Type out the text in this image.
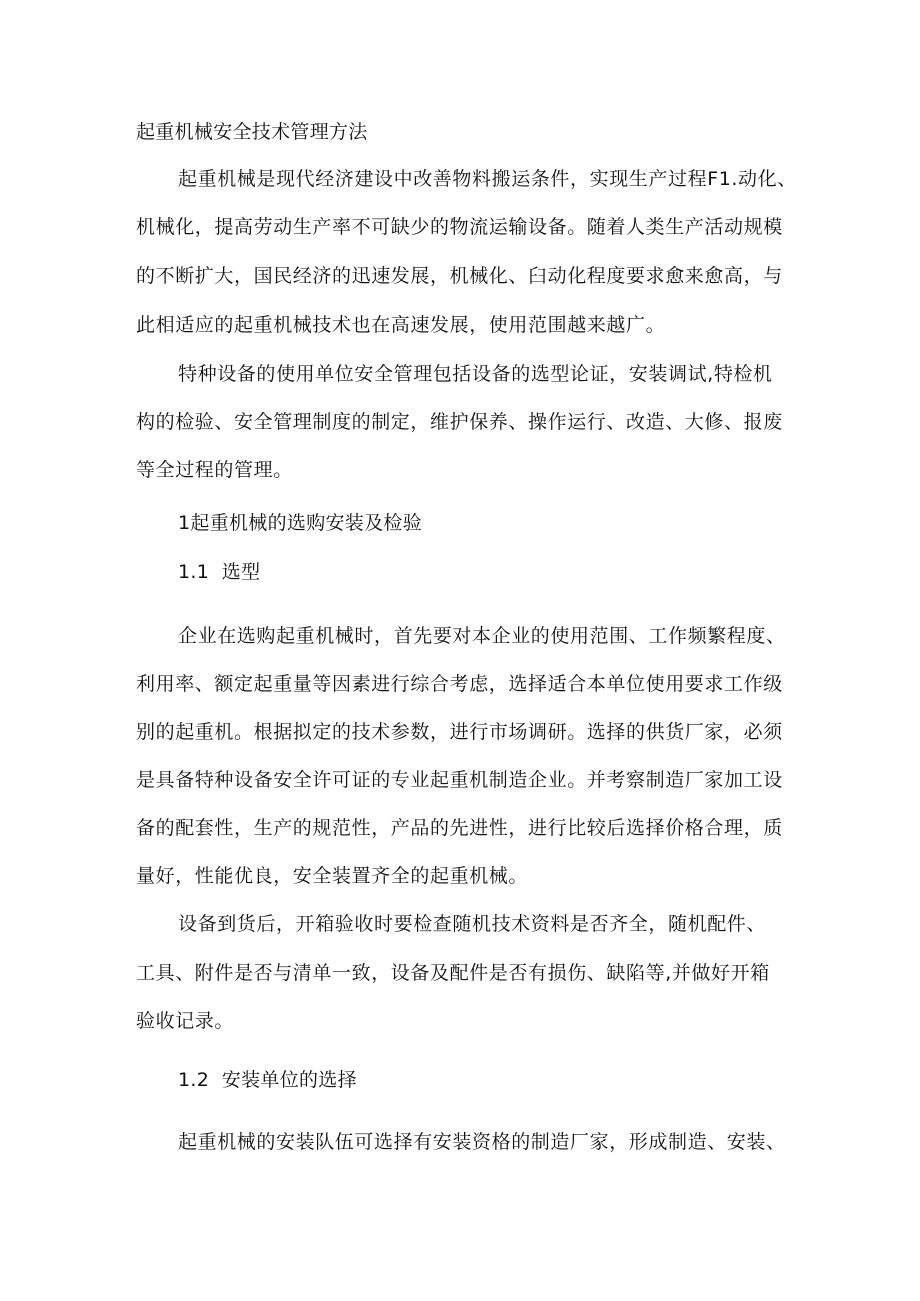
起重机械安全技术管理方法
起重机械是现代经济建设中改善物料搬运条件，实现生产过程F1.动化、
机械化，提高劳动生产率不可缺少的物流运输设备。随着人类生产活动规模
的不断扩大，国民经济的迅速发展，机械化、臼动化程度要求愈来愈高，与
此相适应的起重机械技术也在高速发展，使用范围越来越广。
特种设备的使用单位安全管理包括设备的选型论证，安装调试,特检机
构的检验、安全管理制度的制定，维护保养、操作运行、改造、大修、报废
等全过程的管理。
1起重机械的选购安装及检验
1.1  选型
企业在选购起重机械时，首先要对本企业的使用范围、工作频繁程度、
利用率、额定起重量等因素进行综合考虑，选择适合本单位使用要求工作级
别的起重机。根据拟定的技术参数，进行市场调研。选择的供货厂家，必须
是具备特种设备安全许可证的专业起重机制造企业。并考察制造厂家加工设
备的配套性，生产的规范性，产品的先进性，进行比较后选择价格合理，质
量好，性能优良，安全装置齐全的起重机械。
设备到货后，开箱验收时要检查随机技术资料是否齐全，随机配件、
工具、附件是否与清单一致，设备及配件是否有损伤、缺陷等,并做好开箱
验收记录。
1.2  安装单位的选择
起重机械的安装队伍可选择有安装资格的制造厂家，形成制造、安装、
